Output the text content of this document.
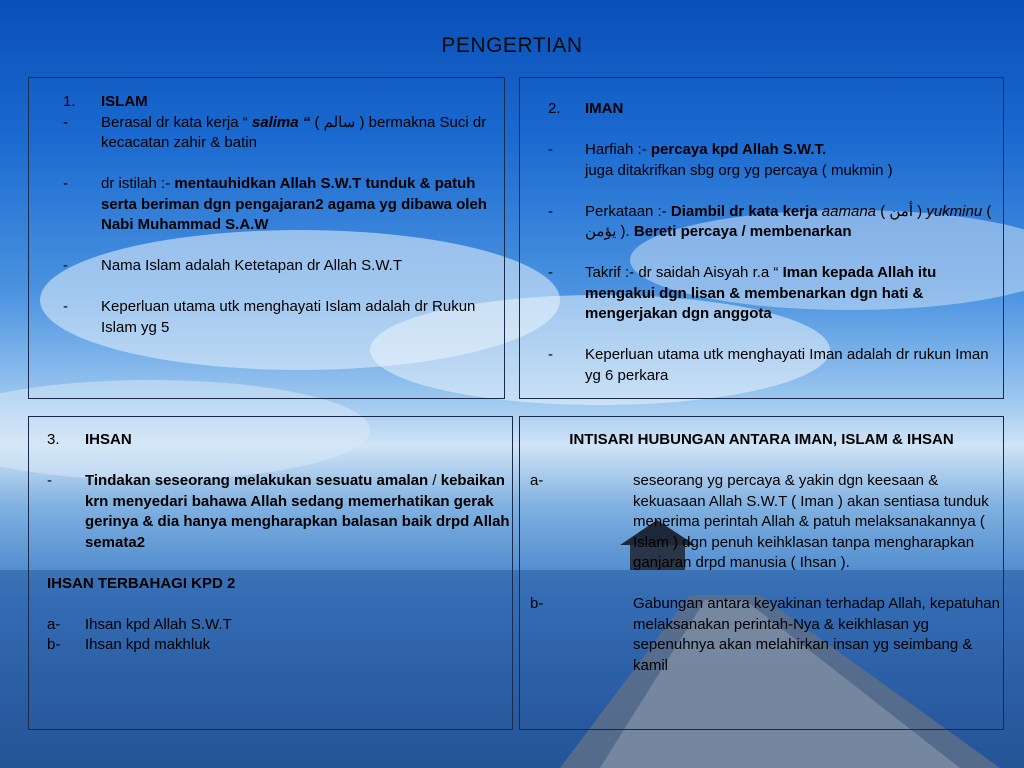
PENGERTIAN
1. ISLAM
- Berasal dr kata kerja “ salima “ ( سالم ) bermakna Suci dr kecacatan zahir & batin
- dr istilah :- mentauhidkan Allah S.W.T tunduk & patuh serta beriman dgn pengajaran2 agama yg dibawa oleh Nabi Muhammad S.A.W
- Nama Islam adalah Ketetapan dr Allah S.W.T
- Keperluan utama utk menghayati Islam adalah dr Rukun Islam yg 5
2. IMAN
- Harfiah :- percaya kpd Allah S.W.T.
juga ditakrifkan sbg org yg percaya ( mukmin )
- Perkataan :- Diambil dr kata kerja aamana ( أمن ) yukminu ( يؤمن ). Bereti percaya / membenarkan
- Takrif :- dr saidah Aisyah r.a “ Iman kepada Allah itu mengakui dgn lisan & membenarkan dgn hati & mengerjakan dgn anggota
- Keperluan utama utk menghayati Iman adalah dr rukun Iman yg 6 perkara
3. IHSAN
- Tindakan seseorang melakukan sesuatu amalan / kebaikan krn menyedari bahawa Allah sedang memerhatikan gerak gerinya & dia hanya mengharapkan balasan baik drpd Allah semata2
IHSAN TERBAHAGI KPD 2
a- Ihsan kpd Allah S.W.T
b- Ihsan kpd makhluk
INTISARI HUBUNGAN ANTARA IMAN, ISLAM & IHSAN
a-	seseorang yg percaya & yakin dgn keesaan & kekuasaan Allah S.W.T ( Iman ) akan sentiasa tunduk menerima perintah Allah & patuh melaksanakannya ( Islam ) dgn penuh keihklasan tanpa mengharapkan ganjaran drpd manusia ( Ihsan ).
b-	Gabungan antara keyakinan terhadap Allah, kepatuhan melaksanakan perintah-Nya & keikhlasan yg sepenuhnya akan melahirkan insan yg seimbang & kamil
